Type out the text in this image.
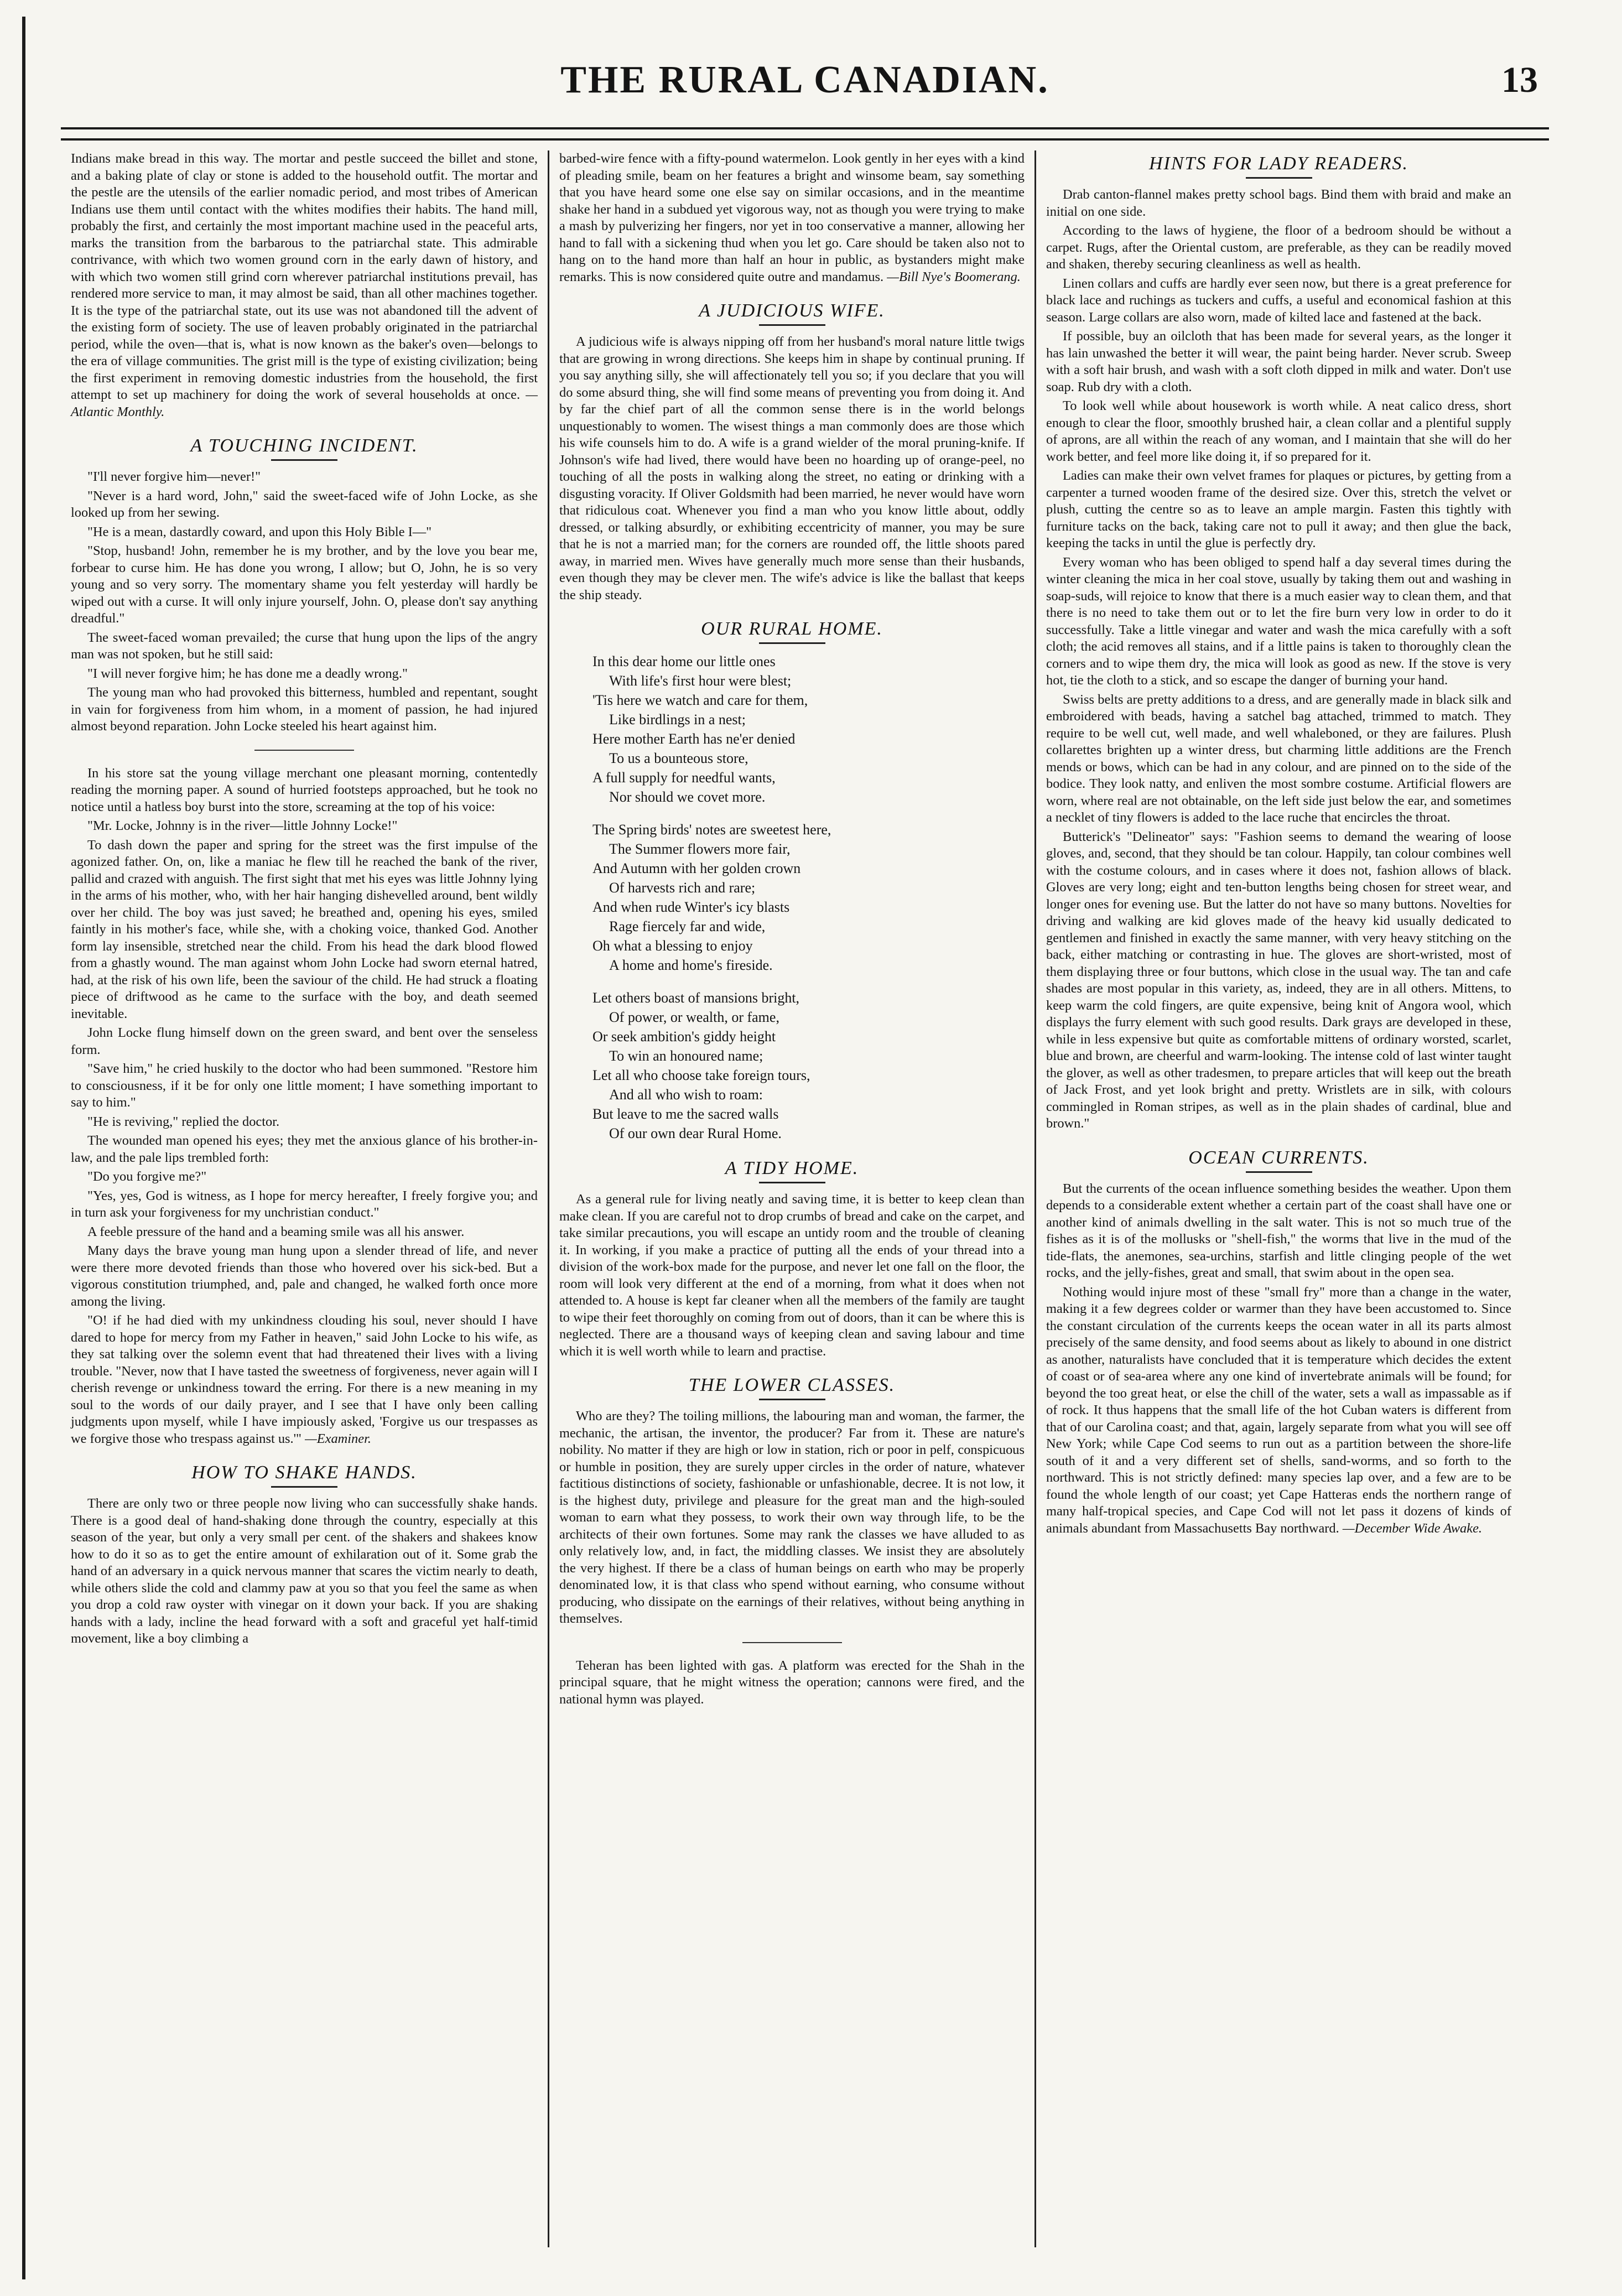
THE RURAL CANADIAN.	13

Indians make bread in this way. The mortar and pestle succeed the billet and stone, and a baking plate of clay or stone is added to the household outfit. The mortar and the pestle are the utensils of the earlier nomadic period, and most tribes of American Indians use them until contact with the whites modifies their habits. The hand mill, probably the first, and certainly the most important machine used in the peaceful arts, marks the transition from the barbarous to the patriarchal state. This admirable contrivance, with which two women ground corn in the early dawn of history, and with which two women still grind corn wherever patriarchal institutions prevail, has rendered more service to man, it may almost be said, than all other machines together. It is the type of the patriarchal state, out its use was not abandoned till the advent of the existing form of society. The use of leaven probably originated in the patriarchal period, while the oven—that is, what is now known as the baker's oven—belongs to the era of village communities. The grist mill is the type of existing civilization; being the first experiment in removing domestic industries from the household, the first attempt to set up machinery for doing the work of several households at once. —Atlantic Monthly.

A TOUCHING INCIDENT.

"I'll never forgive him—never!"

"Never is a hard word, John," said the sweet-faced wife of John Locke, as she looked up from her sewing.

"He is a mean, dastardly coward, and upon this Holy Bible I—"

"Stop, husband! John, remember he is my brother, and by the love you bear me, forbear to curse him. He has done you wrong, I allow; but O, John, he is so very young and so very sorry. The momentary shame you felt yesterday will hardly be wiped out with a curse. It will only injure yourself, John. O, please don't say anything dreadful."

The sweet-faced woman prevailed; the curse that hung upon the lips of the angry man was not spoken, but he still said:

"I will never forgive him; he has done me a deadly wrong."

The young man who had provoked this bitterness, humbled and repentant, sought in vain for forgiveness from him whom, in a moment of passion, he had injured almost beyond reparation. John Locke steeled his heart against him.

In his store sat the young village merchant one pleasant morning, contentedly reading the morning paper. A sound of hurried footsteps approached, but he took no notice until a hatless boy burst into the store, screaming at the top of his voice:

"Mr. Locke, Johnny is in the river—little Johnny Locke!"

To dash down the paper and spring for the street was the first impulse of the agonized father. On, on, like a maniac he flew till he reached the bank of the river, pallid and crazed with anguish. The first sight that met his eyes was little Johnny lying in the arms of his mother, who, with her hair hanging dishevelled around, bent wildly over her child. The boy was just saved; he breathed and, opening his eyes, smiled faintly in his mother's face, while she, with a choking voice, thanked God. Another form lay insensible, stretched near the child. From his head the dark blood flowed from a ghastly wound. The man against whom John Locke had sworn eternal hatred, had, at the risk of his own life, been the saviour of the child. He had struck a floating piece of driftwood as he came to the surface with the boy, and death seemed inevitable.

John Locke flung himself down on the green sward, and bent over the senseless form.

"Save him," he cried huskily to the doctor who had been summoned. "Restore him to consciousness, if it be for only one little moment; I have something important to say to him."

"He is reviving," replied the doctor.

The wounded man opened his eyes; they met the anxious glance of his brother-in-law, and the pale lips trembled forth:

"Do you forgive me?"

"Yes, yes, God is witness, as I hope for mercy hereafter, I freely forgive you; and in turn ask your forgiveness for my unchristian conduct."

A feeble pressure of the hand and a beaming smile was all his answer.

Many days the brave young man hung upon a slender thread of life, and never were there more devoted friends than those who hovered over his sick-bed. But a vigorous constitution triumphed, and, pale and changed, he walked forth once more among the living.

"O! if he had died with my unkindness clouding his soul, never should I have dared to hope for mercy from my Father in heaven," said John Locke to his wife, as they sat talking over the solemn event that had threatened their lives with a living trouble. "Never, now that I have tasted the sweetness of forgiveness, never again will I cherish revenge or unkindness toward the erring. For there is a new meaning in my soul to the words of our daily prayer, and I see that I have only been calling judgments upon myself, while I have impiously asked, 'Forgive us our trespasses as we forgive those who trespass against us.'" —Examiner.

HOW TO SHAKE HANDS.

There are only two or three people now living who can successfully shake hands. There is a good deal of hand-shaking done through the country, especially at this season of the year, but only a very small per cent. of the shakers and shakees know how to do it so as to get the entire amount of exhilaration out of it. Some grab the hand of an adversary in a quick nervous manner that scares the victim nearly to death, while others slide the cold and clammy paw at you so that you feel the same as when you drop a cold raw oyster with vinegar on it down your back. If you are shaking hands with a lady, incline the head forward with a soft and graceful yet half-timid movement, like a boy climbing a

barbed-wire fence with a fifty-pound watermelon. Look gently in her eyes with a kind of pleading smile, beam on her features a bright and winsome beam, say something that you have heard some one else say on similar occasions, and in the meantime shake her hand in a subdued yet vigorous way, not as though you were trying to make a mash by pulverizing her fingers, nor yet in too conservative a manner, allowing her hand to fall with a sickening thud when you let go. Care should be taken also not to hang on to the hand more than half an hour in public, as bystanders might make remarks. This is now considered quite outre and mandamus. —Bill Nye's Boomerang.

A JUDICIOUS WIFE.

A judicious wife is always nipping off from her husband's moral nature little twigs that are growing in wrong directions. She keeps him in shape by continual pruning. If you say anything silly, she will affectionately tell you so; if you declare that you will do some absurd thing, she will find some means of preventing you from doing it. And by far the chief part of all the common sense there is in the world belongs unquestionably to women. The wisest things a man commonly does are those which his wife counsels him to do. A wife is a grand wielder of the moral pruning-knife. If Johnson's wife had lived, there would have been no hoarding up of orange-peel, no touching of all the posts in walking along the street, no eating or drinking with a disgusting voracity. If Oliver Goldsmith had been married, he never would have worn that ridiculous coat. Whenever you find a man who you know little about, oddly dressed, or talking absurdly, or exhibiting eccentricity of manner, you may be sure that he is not a married man; for the corners are rounded off, the little shoots pared away, in married men. Wives have generally much more sense than their husbands, even though they may be clever men. The wife's advice is like the ballast that keeps the ship steady.

OUR RURAL HOME.

In this dear home our little ones

With life's first hour were blest;

'Tis here we watch and care for them,

Like birdlings in a nest;

Here mother Earth has ne'er denied

To us a bounteous store,

A full supply for needful wants,

Nor should we covet more.

The Spring birds' notes are sweetest here,

The Summer flowers more fair,

And Autumn with her golden crown

Of harvests rich and rare;

And when rude Winter's icy blasts

Rage fiercely far and wide,

Oh what a blessing to enjoy

A home and home's fireside.

Let others boast of mansions bright,

Of power, or wealth, or fame,

Or seek ambition's giddy height

To win an honoured name;

Let all who choose take foreign tours,

And all who wish to roam:

But leave to me the sacred walls

Of our own dear Rural Home.

A TIDY HOME.

As a general rule for living neatly and saving time, it is better to keep clean than make clean. If you are careful not to drop crumbs of bread and cake on the carpet, and take similar precautions, you will escape an untidy room and the trouble of cleaning it. In working, if you make a practice of putting all the ends of your thread into a division of the work-box made for the purpose, and never let one fall on the floor, the room will look very different at the end of a morning, from what it does when not attended to. A house is kept far cleaner when all the members of the family are taught to wipe their feet thoroughly on coming from out of doors, than it can be where this is neglected. There are a thousand ways of keeping clean and saving labour and time which it is well worth while to learn and practise.

THE LOWER CLASSES.

Who are they? The toiling millions, the labouring man and woman, the farmer, the mechanic, the artisan, the inventor, the producer? Far from it. These are nature's nobility. No matter if they are high or low in station, rich or poor in pelf, conspicuous or humble in position, they are surely upper circles in the order of nature, whatever factitious distinctions of society, fashionable or unfashionable, decree. It is not low, it is the highest duty, privilege and pleasure for the great man and the high-souled woman to earn what they possess, to work their own way through life, to be the architects of their own fortunes. Some may rank the classes we have alluded to as only relatively low, and, in fact, the middling classes. We insist they are absolutely the very highest. If there be a class of human beings on earth who may be properly denominated low, it is that class who spend without earning, who consume without producing, who dissipate on the earnings of their relatives, without being anything in themselves.

Teheran has been lighted with gas. A platform was erected for the Shah in the principal square, that he might witness the operation; cannons were fired, and the national hymn was played.

HINTS FOR LADY READERS.

Drab canton-flannel makes pretty school bags. Bind them with braid and make an initial on one side.

According to the laws of hygiene, the floor of a bedroom should be without a carpet. Rugs, after the Oriental custom, are preferable, as they can be readily moved and shaken, thereby securing cleanliness as well as health.

Linen collars and cuffs are hardly ever seen now, but there is a great preference for black lace and ruchings as tuckers and cuffs, a useful and economical fashion at this season. Large collars are also worn, made of kilted lace and fastened at the back.

If possible, buy an oilcloth that has been made for several years, as the longer it has lain unwashed the better it will wear, the paint being harder. Never scrub. Sweep with a soft hair brush, and wash with a soft cloth dipped in milk and water. Don't use soap. Rub dry with a cloth.

To look well while about housework is worth while. A neat calico dress, short enough to clear the floor, smoothly brushed hair, a clean collar and a plentiful supply of aprons, are all within the reach of any woman, and I maintain that she will do her work better, and feel more like doing it, if so prepared for it.

Ladies can make their own velvet frames for plaques or pictures, by getting from a carpenter a turned wooden frame of the desired size. Over this, stretch the velvet or plush, cutting the centre so as to leave an ample margin. Fasten this tightly with furniture tacks on the back, taking care not to pull it away; and then glue the back, keeping the tacks in until the glue is perfectly dry.

Every woman who has been obliged to spend half a day several times during the winter cleaning the mica in her coal stove, usually by taking them out and washing in soap-suds, will rejoice to know that there is a much easier way to clean them, and that there is no need to take them out or to let the fire burn very low in order to do it successfully. Take a little vinegar and water and wash the mica carefully with a soft cloth; the acid removes all stains, and if a little pains is taken to thoroughly clean the corners and to wipe them dry, the mica will look as good as new. If the stove is very hot, tie the cloth to a stick, and so escape the danger of burning your hand.

Swiss belts are pretty additions to a dress, and are generally made in black silk and embroidered with beads, having a satchel bag attached, trimmed to match. They require to be well cut, well made, and well whaleboned, or they are failures. Plush collarettes brighten up a winter dress, but charming little additions are the French mends or bows, which can be had in any colour, and are pinned on to the side of the bodice. They look natty, and enliven the most sombre costume. Artificial flowers are worn, where real are not obtainable, on the left side just below the ear, and sometimes a necklet of tiny flowers is added to the lace ruche that encircles the throat.

Butterick's "Delineator" says: "Fashion seems to demand the wearing of loose gloves, and, second, that they should be tan colour. Happily, tan colour combines well with the costume colours, and in cases where it does not, fashion allows of black. Gloves are very long; eight and ten-button lengths being chosen for street wear, and longer ones for evening use. But the latter do not have so many buttons. Novelties for driving and walking are kid gloves made of the heavy kid usually dedicated to gentlemen and finished in exactly the same manner, with very heavy stitching on the back, either matching or contrasting in hue. The gloves are short-wristed, most of them displaying three or four buttons, which close in the usual way. The tan and cafe shades are most popular in this variety, as, indeed, they are in all others. Mittens, to keep warm the cold fingers, are quite expensive, being knit of Angora wool, which displays the furry element with such good results. Dark grays are developed in these, while in less expensive but quite as comfortable mittens of ordinary worsted, scarlet, blue and brown, are cheerful and warm-looking. The intense cold of last winter taught the glover, as well as other tradesmen, to prepare articles that will keep out the breath of Jack Frost, and yet look bright and pretty. Wristlets are in silk, with colours commingled in Roman stripes, as well as in the plain shades of cardinal, blue and brown."

OCEAN CURRENTS.

But the currents of the ocean influence something besides the weather. Upon them depends to a considerable extent whether a certain part of the coast shall have one or another kind of animals dwelling in the salt water. This is not so much true of the fishes as it is of the mollusks or "shell-fish," the worms that live in the mud of the tide-flats, the anemones, sea-urchins, starfish and little clinging people of the wet rocks, and the jelly-fishes, great and small, that swim about in the open sea.

Nothing would injure most of these "small fry" more than a change in the water, making it a few degrees colder or warmer than they have been accustomed to. Since the constant circulation of the currents keeps the ocean water in all its parts almost precisely of the same density, and food seems about as likely to abound in one district as another, naturalists have concluded that it is temperature which decides the extent of coast or of sea-area where any one kind of invertebrate animals will be found; for beyond the too great heat, or else the chill of the water, sets a wall as impassable as if of rock. It thus happens that the small life of the hot Cuban waters is different from that of our Carolina coast; and that, again, largely separate from what you will see off New York; while Cape Cod seems to run out as a partition between the shore-life south of it and a very different set of shells, sand-worms, and so forth to the northward. This is not strictly defined: many species lap over, and a few are to be found the whole length of our coast; yet Cape Hatteras ends the northern range of many half-tropical species, and Cape Cod will not let pass it dozens of kinds of animals abundant from Massachusetts Bay northward. —December Wide Awake.
